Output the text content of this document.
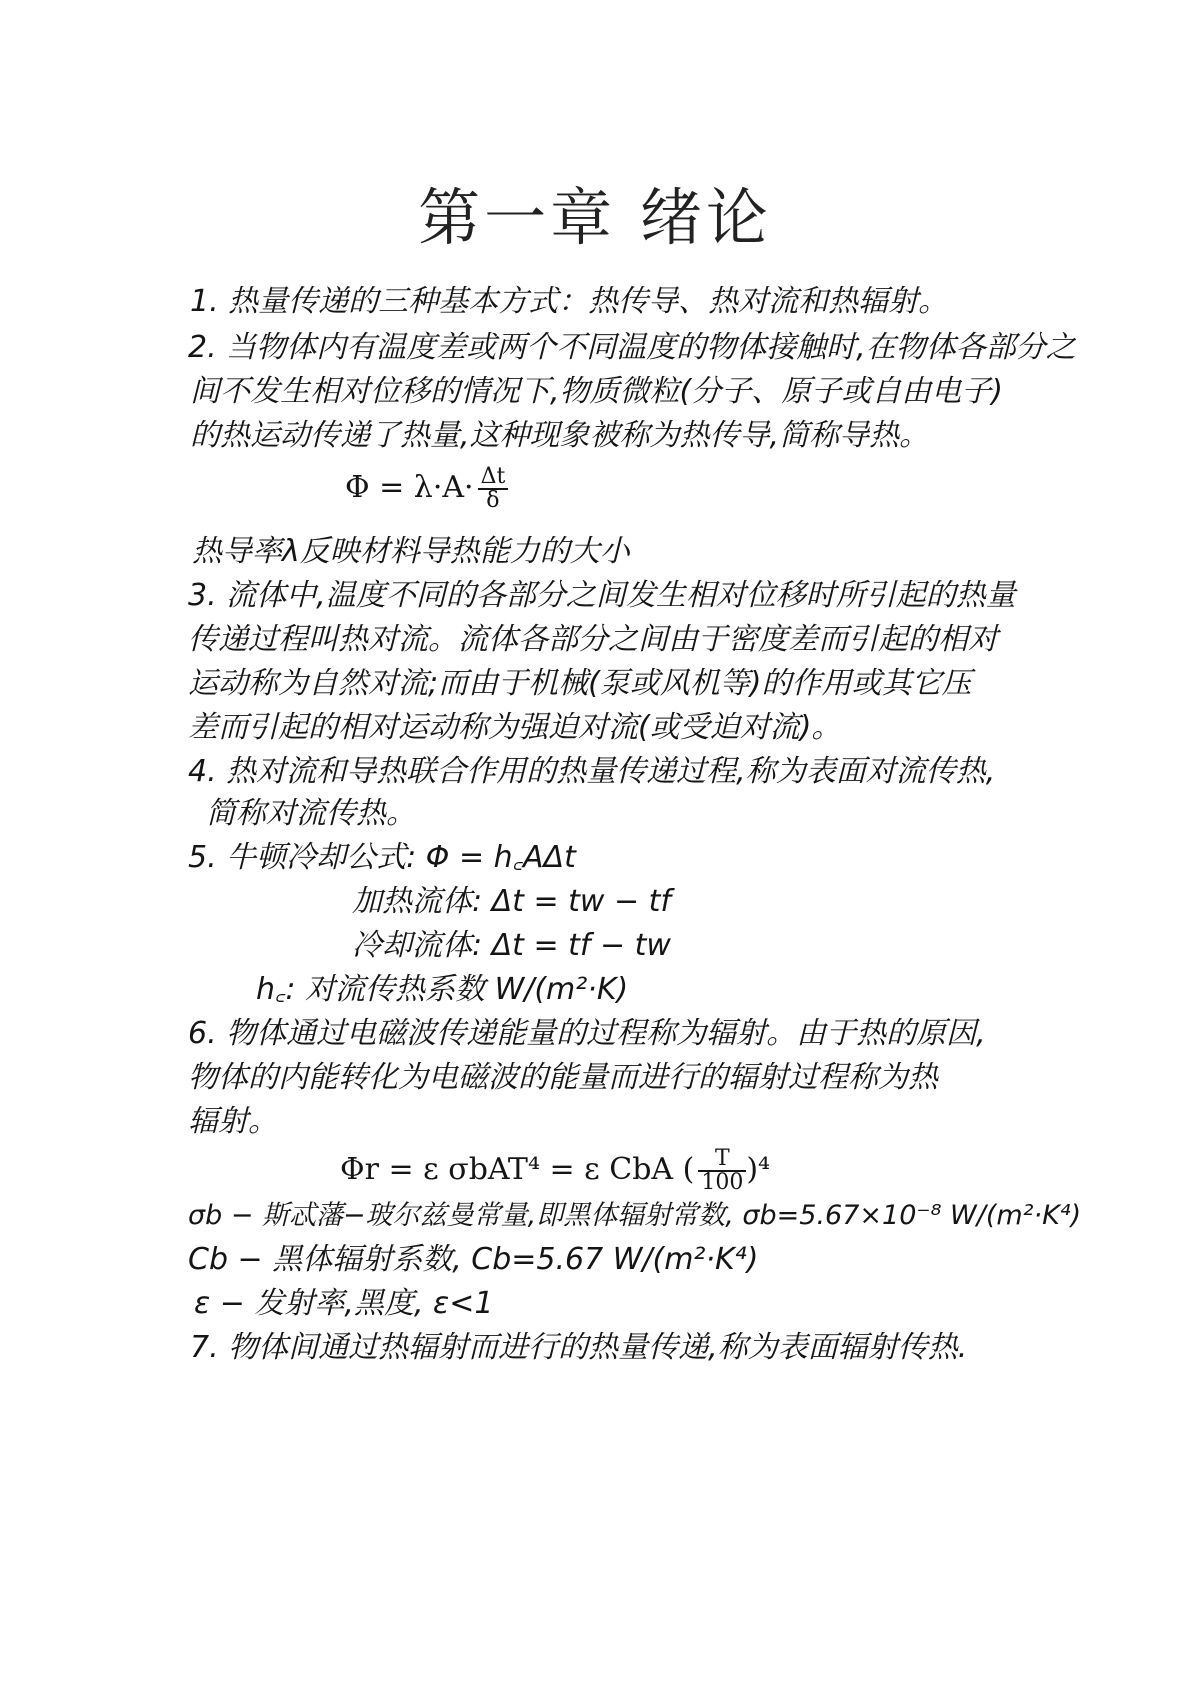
第一章 绪论
1. 热量传递的三种基本方式：热传导、热对流和热辐射。
2. 当物体内有温度差或两个不同温度的物体接触时,在物体各部分之
间不发生相对位移的情况下,物质微粒(分子、原子或自由电子)
的热运动传递了热量,这种现象被称为热传导,简称导热。
$\Phi = \lambda\cdot A\cdot \frac{\Delta t}{\delta}$
热导率λ反映材料导热能力的大小
3. 流体中,温度不同的各部分之间发生相对位移时所引起的热量
传递过程叫热对流。流体各部分之间由于密度差而引起的相对
运动称为自然对流;而由于机械(泵或风机等)的作用或其它压
差而引起的相对运动称为强迫对流(或受迫对流)。
4. 热对流和导热联合作用的热量传递过程,称为表面对流传热,
简称对流传热。
5. 牛顿冷却公式: Φ = h꜀AΔt
加热流体: Δt = tw − tf
冷却流体: Δt = tf − tw
h꜀: 对流传热系数 W/(m²·K)
6. 物体通过电磁波传递能量的过程称为辐射。由于热的原因,
物体的内能转化为电磁波的能量而进行的辐射过程称为热
辐射。
Φr = ε σbAT⁴ = ε CbA ( $\frac{T}{100} )^4$
σb − 斯忒藩−玻尔兹曼常量,即黑体辐射常数, σb=5.67×10⁻⁸ W/(m²·K⁴)
Cb − 黑体辐射系数, Cb=5.67 W/(m²·K⁴)
ε − 发射率,黑度, ε<1
7. 物体间通过热辐射而进行的热量传递,称为表面辐射传热.
